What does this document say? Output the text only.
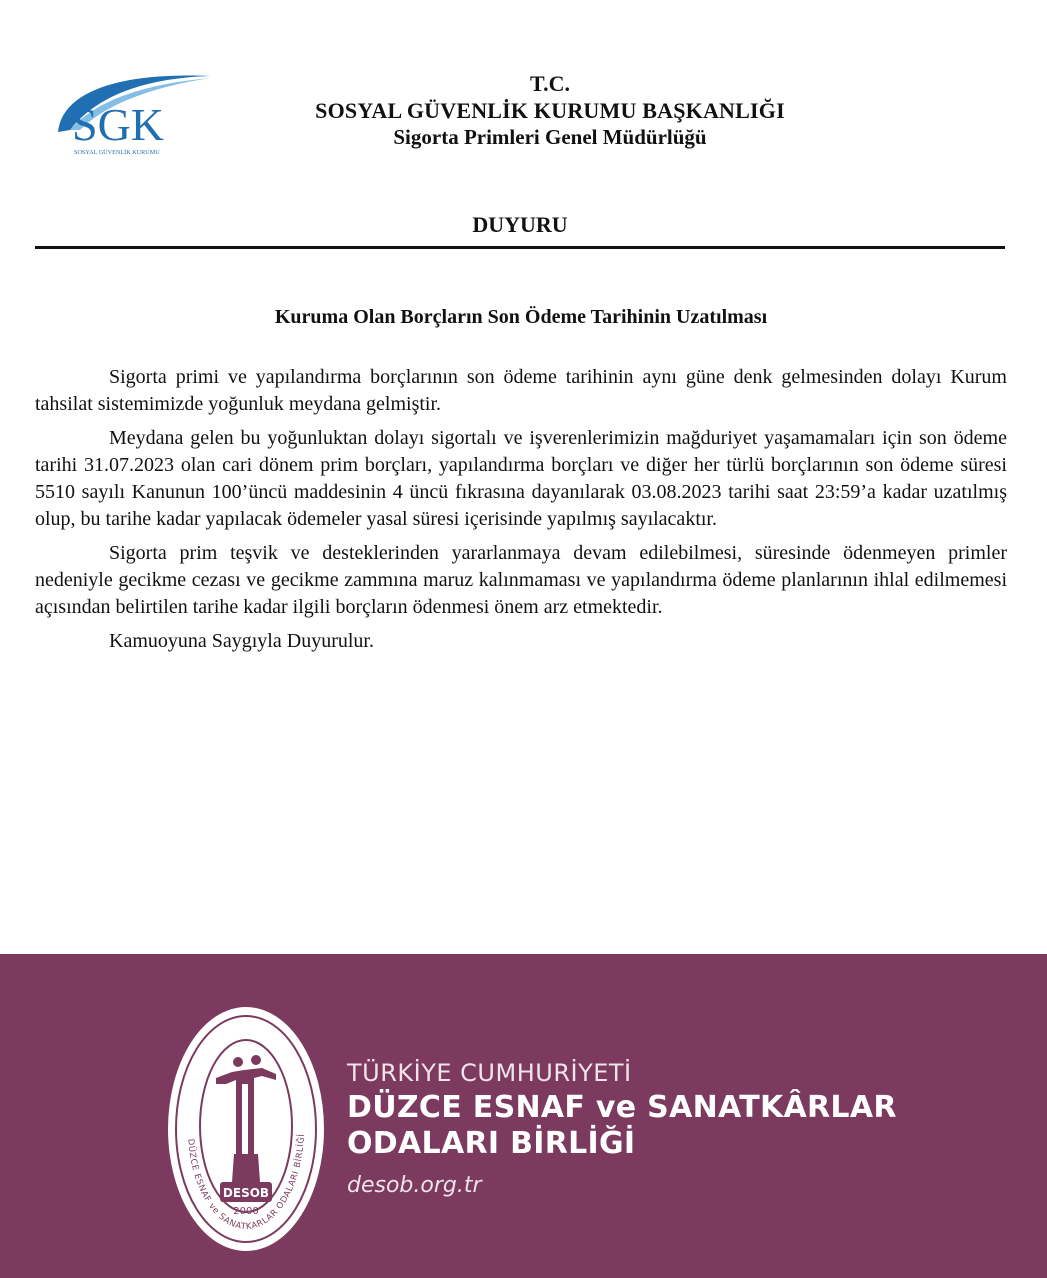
SGK
SOSYAL GÜVENLİK KURUMU
T.C.
SOSYAL GÜVENLİK KURUMU BAŞKANLIĞI
Sigorta Primleri Genel Müdürlüğü
DUYURU
Kuruma Olan Borçların Son Ödeme Tarihinin Uzatılması

Sigorta primi ve yapılandırma borçlarının son ödeme tarihinin aynı güne denk gelmesinden dolayı Kurum tahsilat sistemimizde yoğunluk meydana gelmiştir.

Meydana gelen bu yoğunluktan dolayı sigortalı ve işverenlerimizin mağduriyet yaşamamaları için son ödeme tarihi 31.07.2023 olan cari dönem prim borçları, yapılandırma borçları ve diğer her türlü borçlarının son ödeme süresi 5510 sayılı Kanunun 100’üncü maddesinin 4 üncü fıkrasına dayanılarak 03.08.2023 tarihi saat 23:59’a kadar uzatılmış olup, bu tarihe kadar yapılacak ödemeler yasal süresi içerisinde yapılmış sayılacaktır.

Sigorta prim teşvik ve desteklerinden yararlanmaya devam edilebilmesi, süresinde ödenmeyen primler nedeniyle gecikme cezası ve gecikme zammına maruz kalınmaması ve yapılandırma ödeme planlarının ihlal edilmemesi açısından belirtilen tarihe kadar ilgili borçların ödenmesi önem arz etmektedir.

Kamuoyuna Saygıyla Duyurulur.

DESOB
2000
DÜZCE ESNAF ve SANATKARLAR ODALARI BİRLİĞİ
TÜRKİYE CUMHURİYETİ
DÜZCE ESNAF ve SANATKÂRLAR
ODALARI BİRLİĞİ
desob.org.tr
